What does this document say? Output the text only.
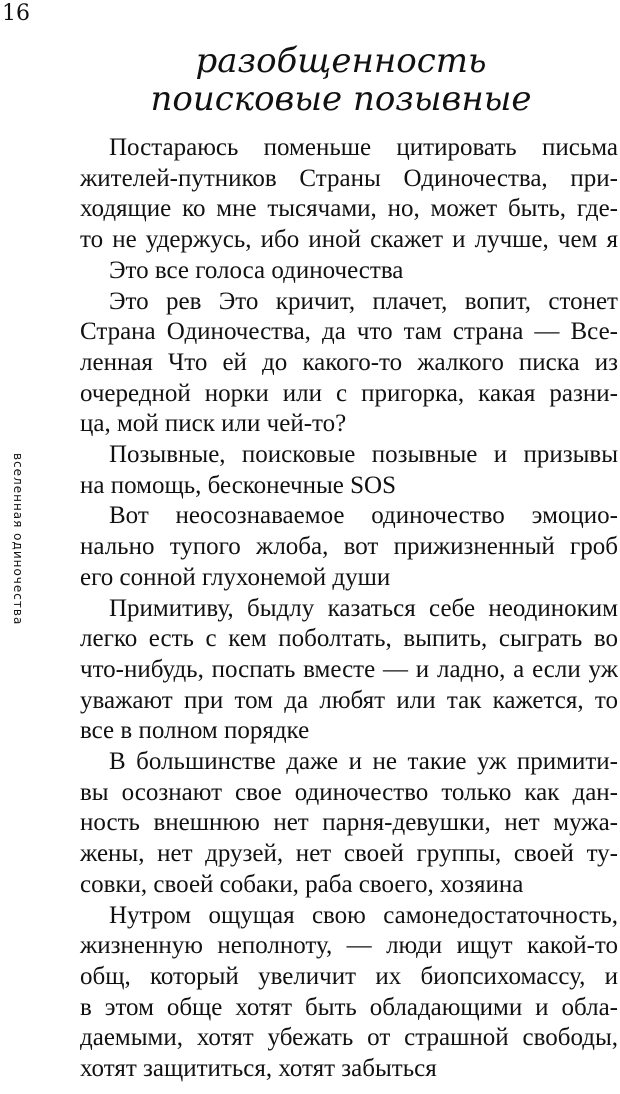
16
вселенная одиночества
разобщенность
поисковые позывные
Постараюсь поменьше цитировать письма
жителей-путников Страны Одиночества, при-
ходящие ко мне тысячами, но, может быть, где-
то не удержусь, ибо иной скажет и лучше, чем я
Это все голоса одиночества
Это рев Это кричит, плачет, вопит, стонет
Страна Одиночества, да что там страна — Все-
ленная Что ей до какого-то жалкого писка из
очередной норки или с пригорка, какая разни-
ца, мой писк или чей-то?
Позывные, поисковые позывные и призывы
на помощь, бесконечные SOS
Вот неосознаваемое одиночество эмоцио-
нально тупого жлоба, вот прижизненный гроб
его сонной глухонемой души
Примитиву, быдлу казаться себе неодиноким
легко есть с кем поболтать, выпить, сыграть во
что-нибудь, поспать вместе — и ладно, а если уж
уважают при том да любят или так кажется, то
все в полном порядке
В большинстве даже и не такие уж примити-
вы осознают свое одиночество только как дан-
ность внешнюю нет парня-девушки, нет мужа-
жены, нет друзей, нет своей группы, своей ту-
совки, своей собаки, раба своего, хозяина
Нутром ощущая свою самонедостаточность,
жизненную неполноту, — люди ищут какой-то
общ, который увеличит их биопсихомассу, и
в этом обще хотят быть обладающими и обла-
даемыми, хотят убежать от страшной свободы,
хотят защититься, хотят забыться
